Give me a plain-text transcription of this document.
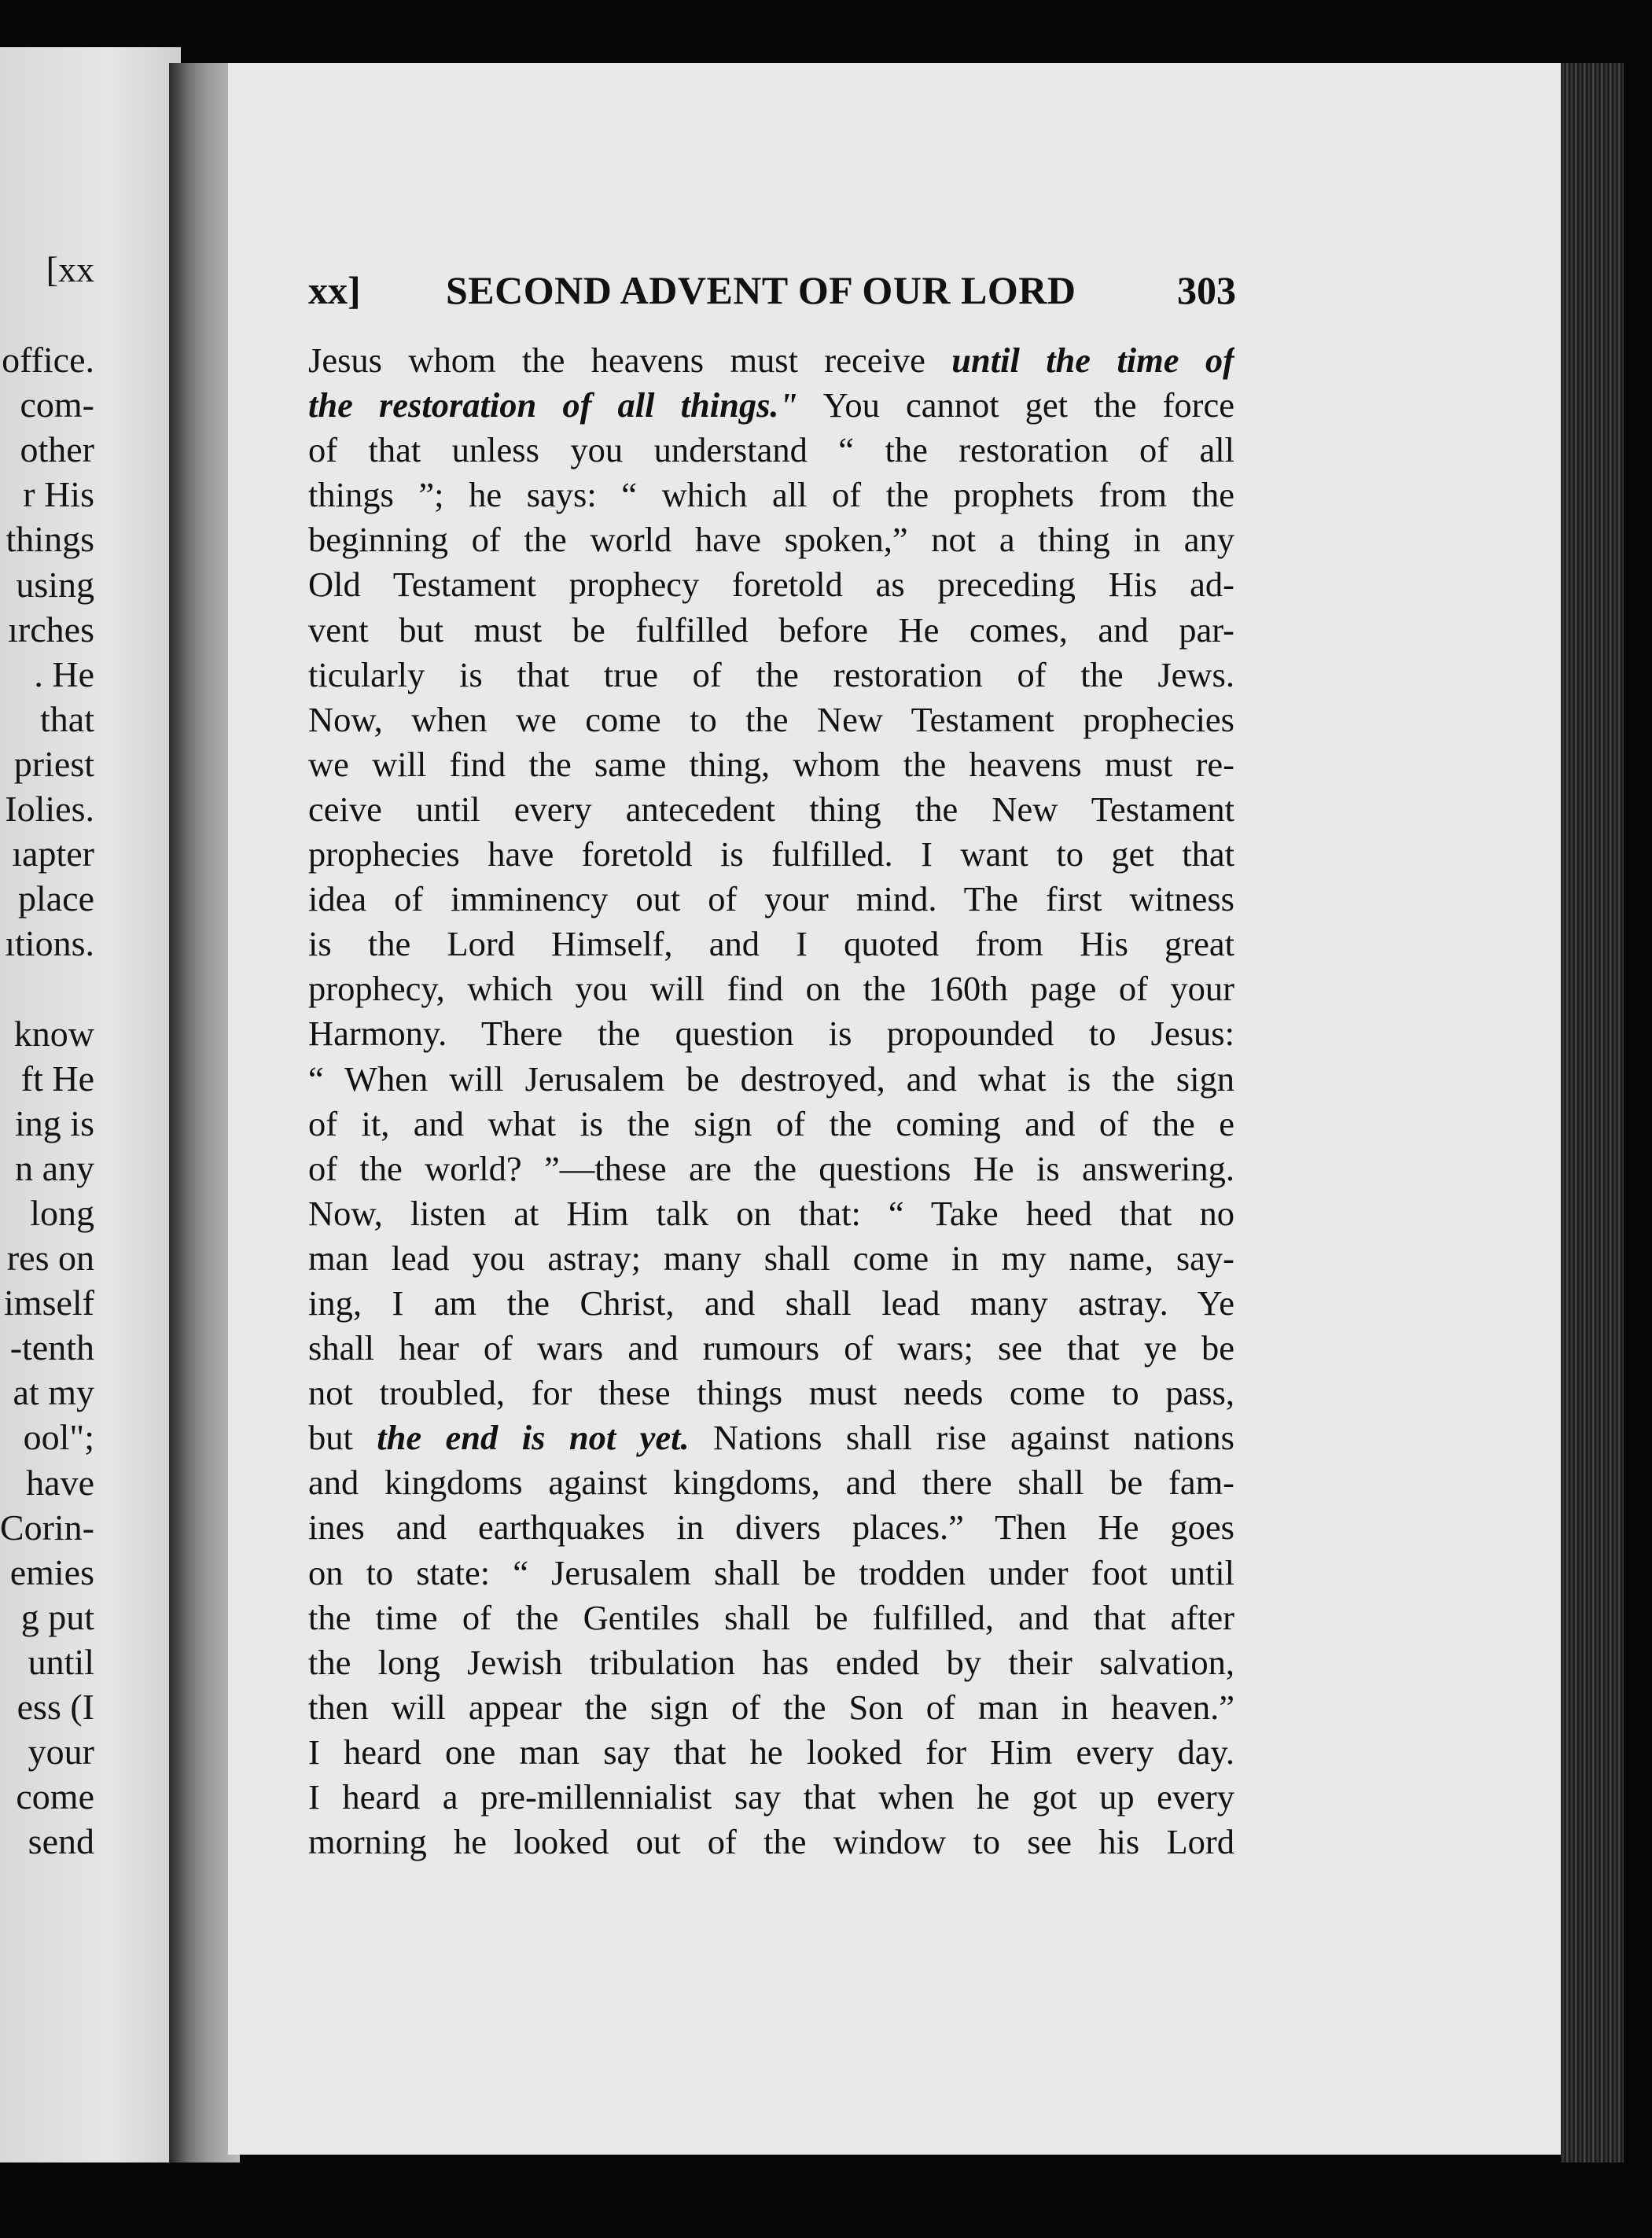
[xx
office.
com-
other
r His
things
using
ırches
. He
that
priest
Iolies.
ıapter
place
ıtions.
know
ft He
ing is
n any
long
res on
imself
-tenth
at my
ool";
have
Corin-
emies
g put
until
ess (I
your
come
send
xx] SECOND ADVENT OF OUR LORD	303
Jesus whom the heavens must receive until the time of
the restoration of all things." You cannot get the force
of that unless you understand “ the restoration of all
things ”; he says: “ which all of the prophets from the
beginning of the world have spoken,” not a thing in any
Old Testament prophecy foretold as preceding His ad-
vent but must be fulfilled before He comes, and par-
ticularly is that true of the restoration of the Jews.
Now, when we come to the New Testament prophecies
we will find the same thing, whom the heavens must re-
ceive until every antecedent thing the New Testament
prophecies have foretold is fulfilled. I want to get that
idea of imminency out of your mind. The first witness
is the Lord Himself, and I quoted from His great
prophecy, which you will find on the 160th page of your
Harmony. There the question is propounded to Jesus:
“ When will Jerusalem be destroyed, and what is the sign
of it, and what is the sign of the coming and of the e
of the world? ”—these are the questions He is answering.
Now, listen at Him talk on that: “ Take heed that no
man lead you astray; many shall come in my name, say-
ing, I am the Christ, and shall lead many astray. Ye
shall hear of wars and rumours of wars; see that ye be
not troubled, for these things must needs come to pass,
but the end is not yet. Nations shall rise against nations
and kingdoms against kingdoms, and there shall be fam-
ines and earthquakes in divers places.” Then He goes
on to state: “ Jerusalem shall be trodden under foot until
the time of the Gentiles shall be fulfilled, and that after
the long Jewish tribulation has ended by their salvation,
then will appear the sign of the Son of man in heaven.”
I heard one man say that he looked for Him every day.
I heard a pre-millennialist say that when he got up every
morning he looked out of the window to see his Lord
